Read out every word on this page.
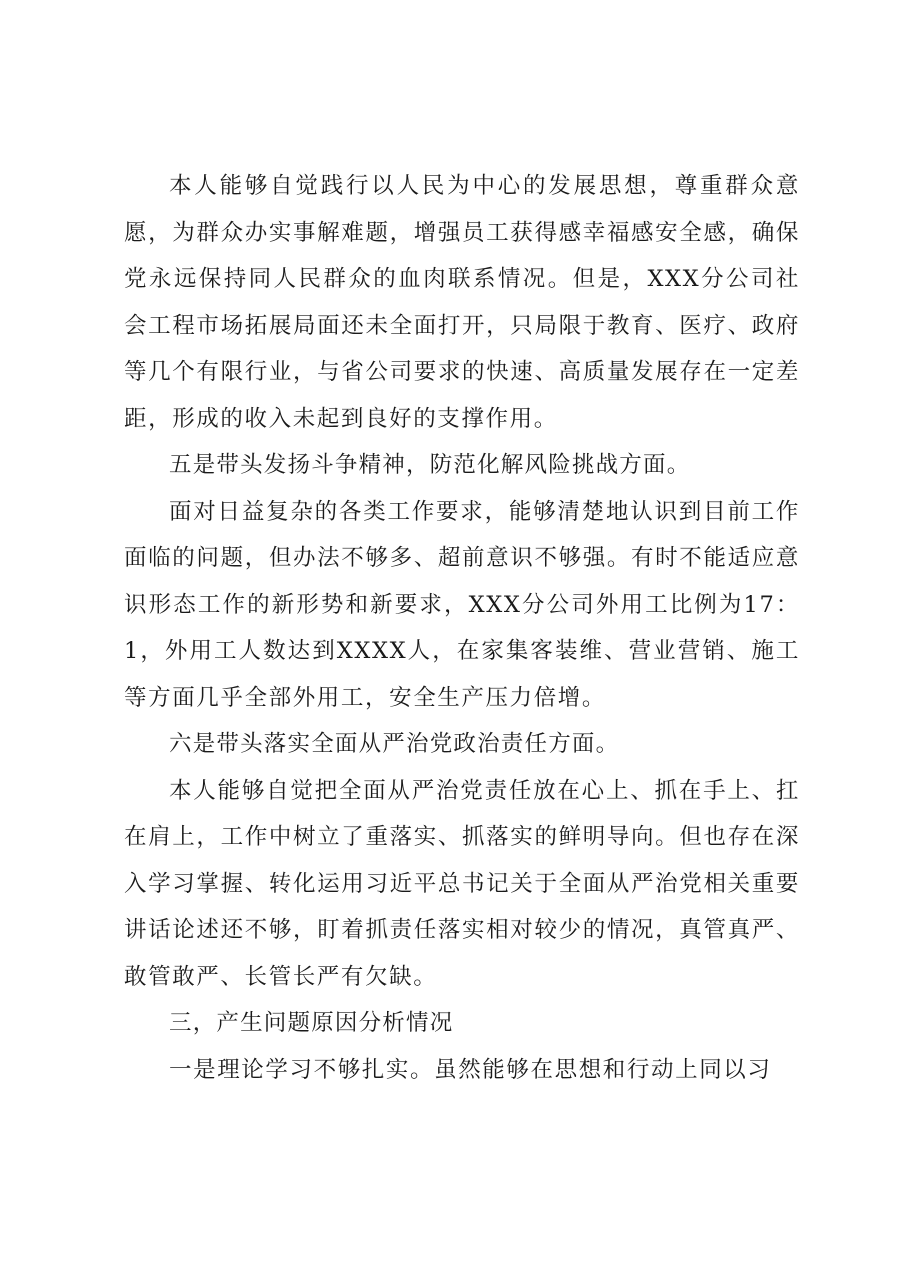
本人能够自觉践行以人民为中心的发展思想，尊重群众意愿，为群众办实事解难题，增强员工获得感幸福感安全感，确保党永远保持同人民群众的血肉联系情况。但是，XXX分公司社会工程市场拓展局面还未全面打开，只局限于教育、医疗、政府等几个有限行业，与省公司要求的快速、高质量发展存在一定差距，形成的收入未起到良好的支撑作用。

五是带头发扬斗争精神，防范化解风险挑战方面。

面对日益复杂的各类工作要求，能够清楚地认识到目前工作面临的问题，但办法不够多、超前意识不够强。有时不能适应意识形态工作的新形势和新要求，XXX分公司外用工比例为17：1，外用工人数达到XXXX人，在家集客装维、营业营销、施工等方面几乎全部外用工，安全生产压力倍增。

六是带头落实全面从严治党政治责任方面。

本人能够自觉把全面从严治党责任放在心上、抓在手上、扛在肩上，工作中树立了重落实、抓落实的鲜明导向。但也存在深入学习掌握、转化运用习近平总书记关于全面从严治党相关重要讲话论述还不够，盯着抓责任落实相对较少的情况，真管真严、敢管敢严、长管长严有欠缺。

三，产生问题原因分析情况

一是理论学习不够扎实。虽然能够在思想和行动上同以习
